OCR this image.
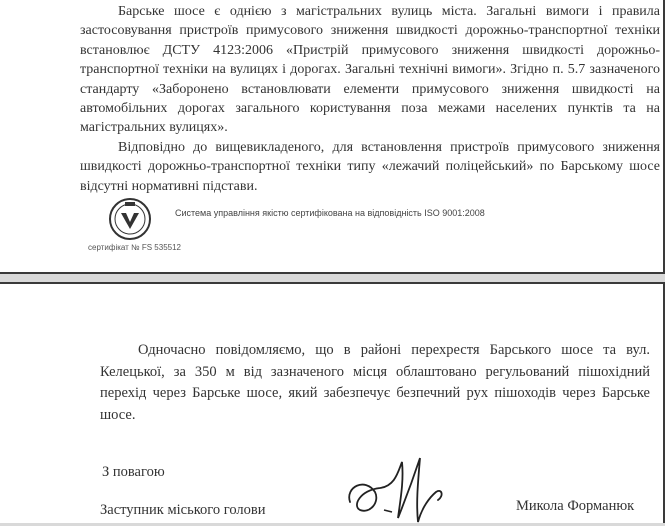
Барське шосе є однією з магістральних вулиць міста. Загальні вимоги і правила застосовування пристроїв примусового зниження швидкості дорожньо-транспортної техніки встановлює ДСТУ 4123:2006 «Пристрій примусового зниження швидкості дорожньо-транспортної техніки на вулицях і дорогах. Загальні технічні вимоги». Згідно п. 5.7 зазначеного стандарту «Заборонено встановлювати елементи примусового зниження швидкості на автомобільних дорогах загального користування поза межами населених пунктів та на магістральних вулицях».

Відповідно до вищевикладеного, для встановлення пристроїв примусового зниження швидкості дорожньо-транспортної техніки типу «лежачий поліцейський» по Барському шосе відсутні нормативні підстави.

Система управління якістю сертифікована на відповідність ISO 9001:2008
сертифікат № FS 535512

Одночасно повідомляємо, що в районі перехрестя Барського шосе та вул. Келецької, за 350 м від зазначеного місця облаштовано регульований пішохідний перехід через Барське шосе, який забезпечує безпечний рух пішоходів через Барське шосе.

З повагою
Заступник міського голови	Микола Форманюк
